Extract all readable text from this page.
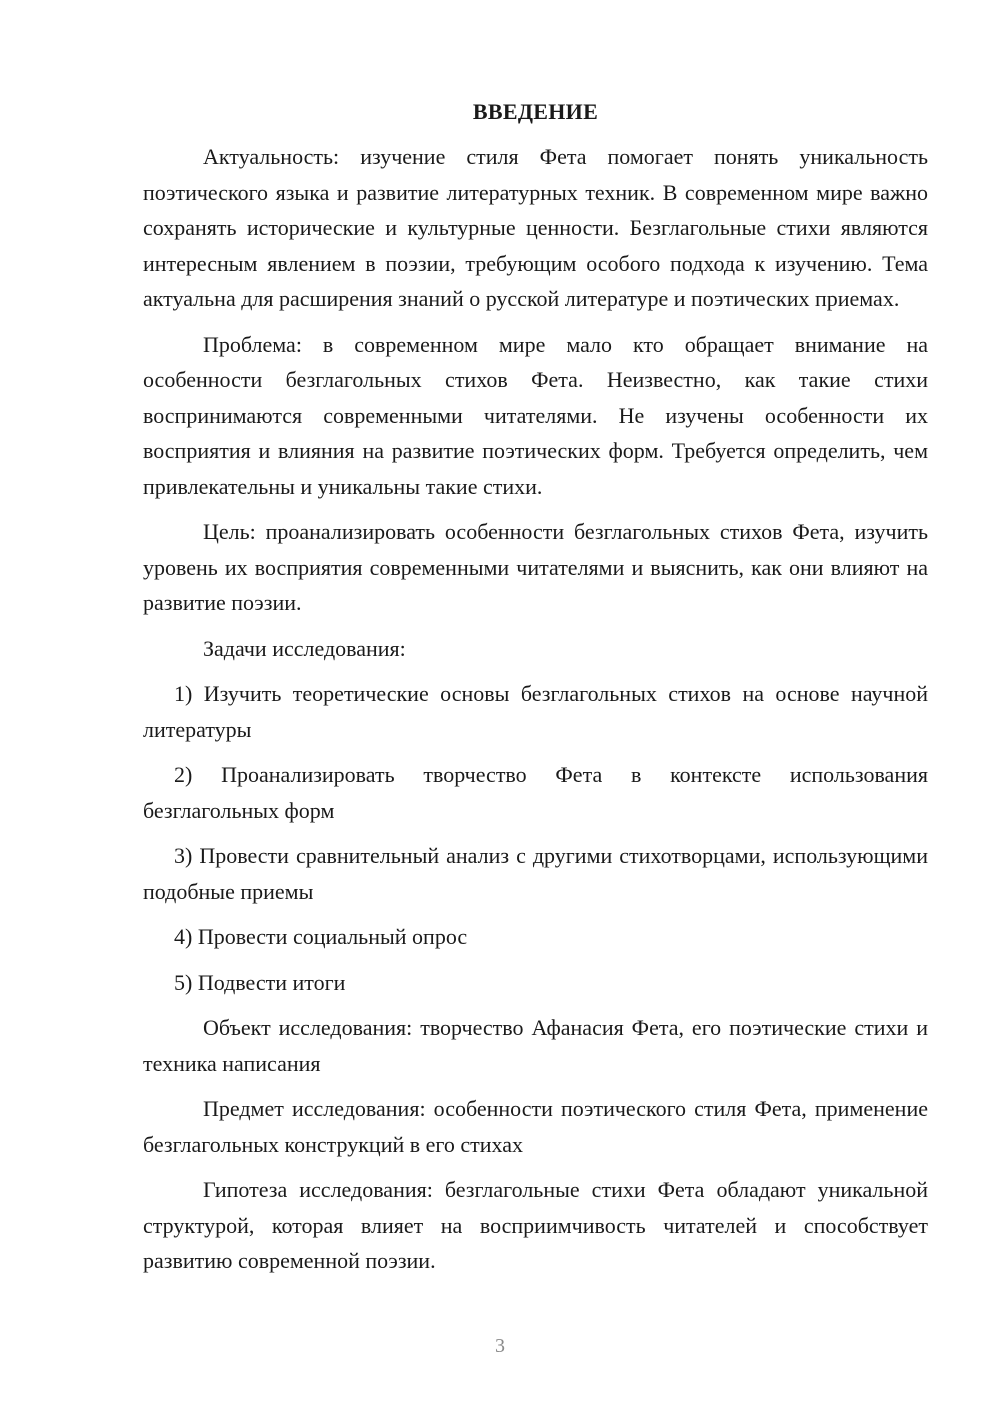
ВВЕДЕНИЕ

Актуальность: изучение стиля Фета помогает понять уникальность поэтического языка и развитие литературных техник. В современном мире важно сохранять исторические и культурные ценности. Безглагольные стихи являются интересным явлением в поэзии, требующим особого подхода к изучению. Тема актуальна для расширения знаний о русской литературе и поэтических приемах.

Проблема: в современном мире мало кто обращает внимание на особенности безглагольных стихов Фета. Неизвестно, как такие стихи воспринимаются современными читателями. Не изучены особенности их восприятия и влияния на развитие поэтических форм. Требуется определить, чем привлекательны и уникальны такие стихи.

Цель: проанализировать особенности безглагольных стихов Фета, изучить уровень их восприятия современными читателями и выяснить, как они влияют на развитие поэзии.

Задачи исследования:

1) Изучить теоретические основы безглагольных стихов на основе научной литературы

2) Проанализировать творчество Фета в контексте использования безглагольных форм

3) Провести сравнительный анализ с другими стихотворцами, использующими подобные приемы

4) Провести социальный опрос

5) Подвести итоги

Объект исследования: творчество Афанасия Фета, его поэтические стихи и техника написания

Предмет исследования: особенности поэтического стиля Фета, применение безглагольных конструкций в его стихах

Гипотеза исследования: безглагольные стихи Фета обладают уникальной структурой, которая влияет на восприимчивость читателей и способствует развитию современной поэзии.

3
